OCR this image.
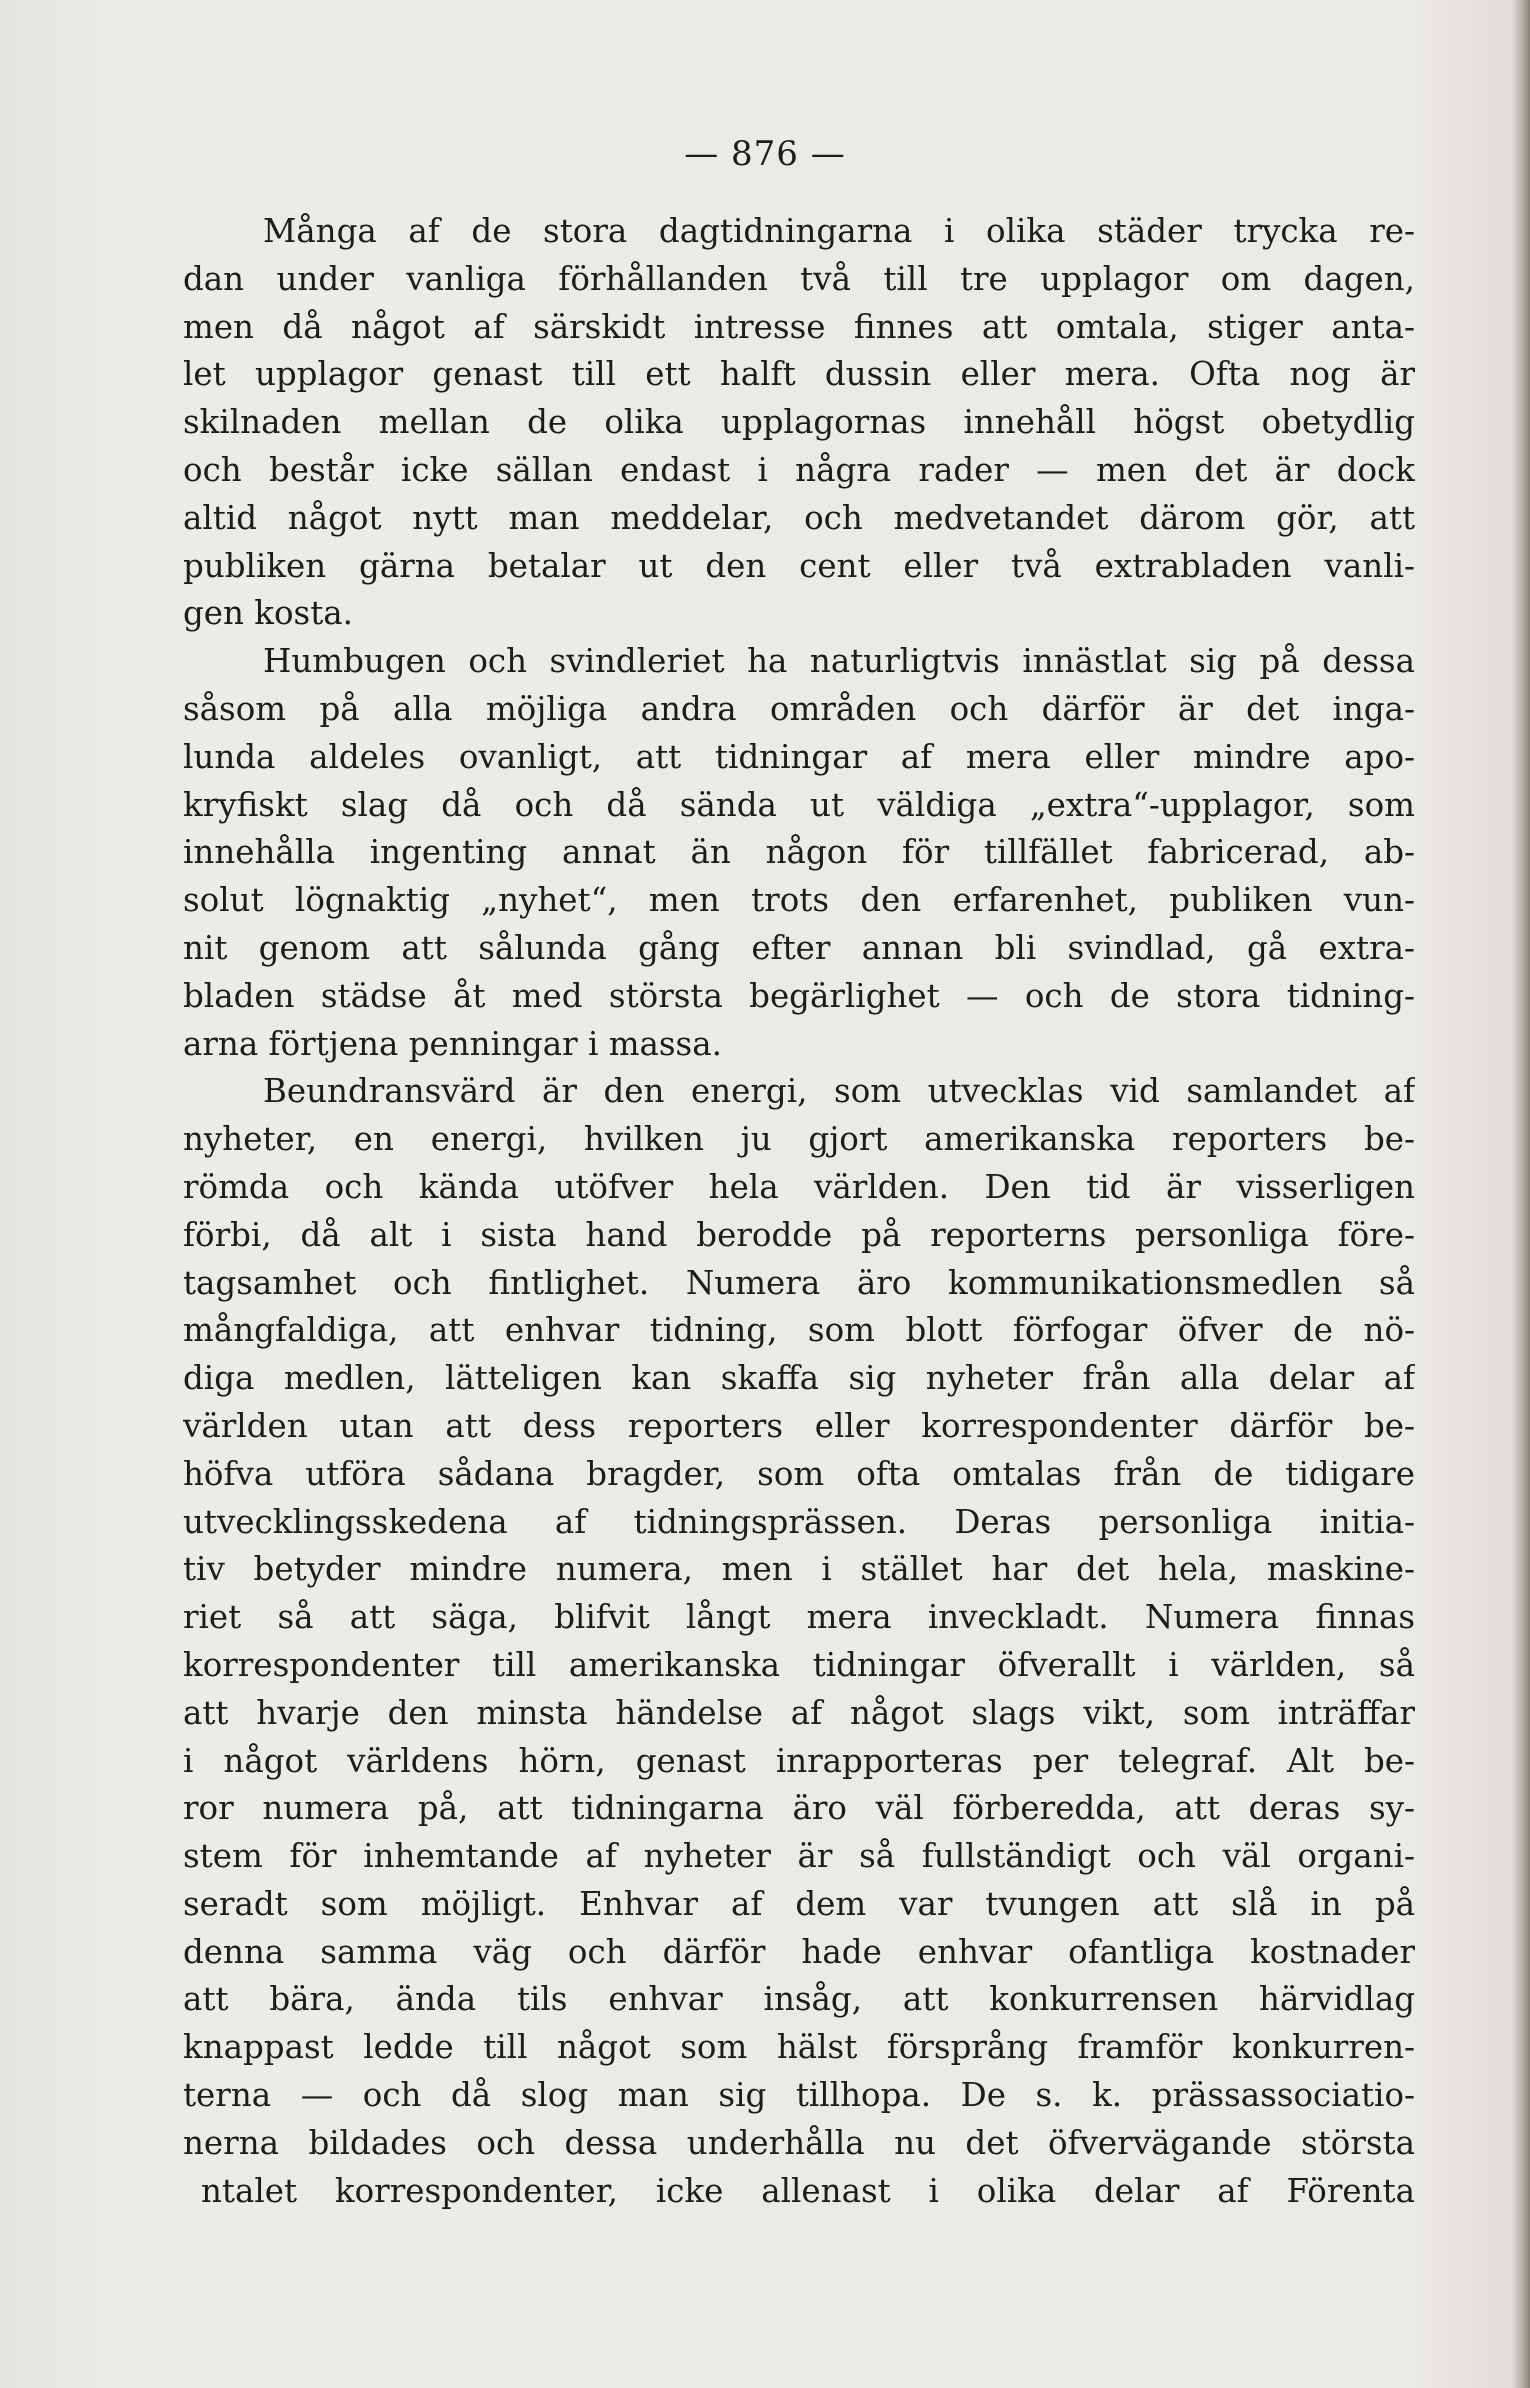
— 876 —
Många af de stora dagtidningarna i olika städer trycka re-
dan under vanliga förhållanden två till tre upplagor om dagen,
men då något af särskidt intresse finnes att omtala, stiger anta-
let upplagor genast till ett halft dussin eller mera. Ofta nog är
skilnaden mellan de olika upplagornas innehåll högst obetydlig
och består icke sällan endast i några rader — men det är dock
altid något nytt man meddelar, och medvetandet därom gör, att
publiken gärna betalar ut den cent eller två extrabladen vanli-
gen kosta.
Humbugen och svindleriet ha naturligtvis innästlat sig på dessa
såsom på alla möjliga andra områden och därför är det inga-
lunda aldeles ovanligt, att tidningar af mera eller mindre apo-
kryfiskt slag då och då sända ut väldiga „extra“-upplagor, som
innehålla ingenting annat än någon för tillfället fabricerad, ab-
solut lögnaktig „nyhet“, men trots den erfarenhet, publiken vun-
nit genom att sålunda gång efter annan bli svindlad, gå extra-
bladen städse åt med största begärlighet — och de stora tidning-
arna förtjena penningar i massa.
Beundransvärd är den energi, som utvecklas vid samlandet af
nyheter, en energi, hvilken ju gjort amerikanska reporters be-
römda och kända utöfver hela världen. Den tid är visserligen
förbi, då alt i sista hand berodde på reporterns personliga före-
tagsamhet och fintlighet. Numera äro kommunikationsmedlen så
mångfaldiga, att enhvar tidning, som blott förfogar öfver de nö-
diga medlen, lätteligen kan skaffa sig nyheter från alla delar af
världen utan att dess reporters eller korrespondenter därför be-
höfva utföra sådana bragder, som ofta omtalas från de tidigare
utvecklingsskedena af tidningsprässen. Deras personliga initia-
tiv betyder mindre numera, men i stället har det hela, maskine-
riet så att säga, blifvit långt mera inveckladt. Numera finnas
korrespondenter till amerikanska tidningar öfverallt i världen, så
att hvarje den minsta händelse af något slags vikt, som inträffar
i något världens hörn, genast inrapporteras per telegraf. Alt be-
ror numera på, att tidningarna äro väl förberedda, att deras sy-
stem för inhemtande af nyheter är så fullständigt och väl organi-
seradt som möjligt. Enhvar af dem var tvungen att slå in på
denna samma väg och därför hade enhvar ofantliga kostnader
att bära, ända tils enhvar insåg, att konkurrensen härvidlag
knappast ledde till något som hälst försprång framför konkurren-
terna — och då slog man sig tillhopa. De s. k. prässassociatio-
nerna bildades och dessa underhålla nu det öfvervägande största
ntalet korrespondenter, icke allenast i olika delar af Förenta
